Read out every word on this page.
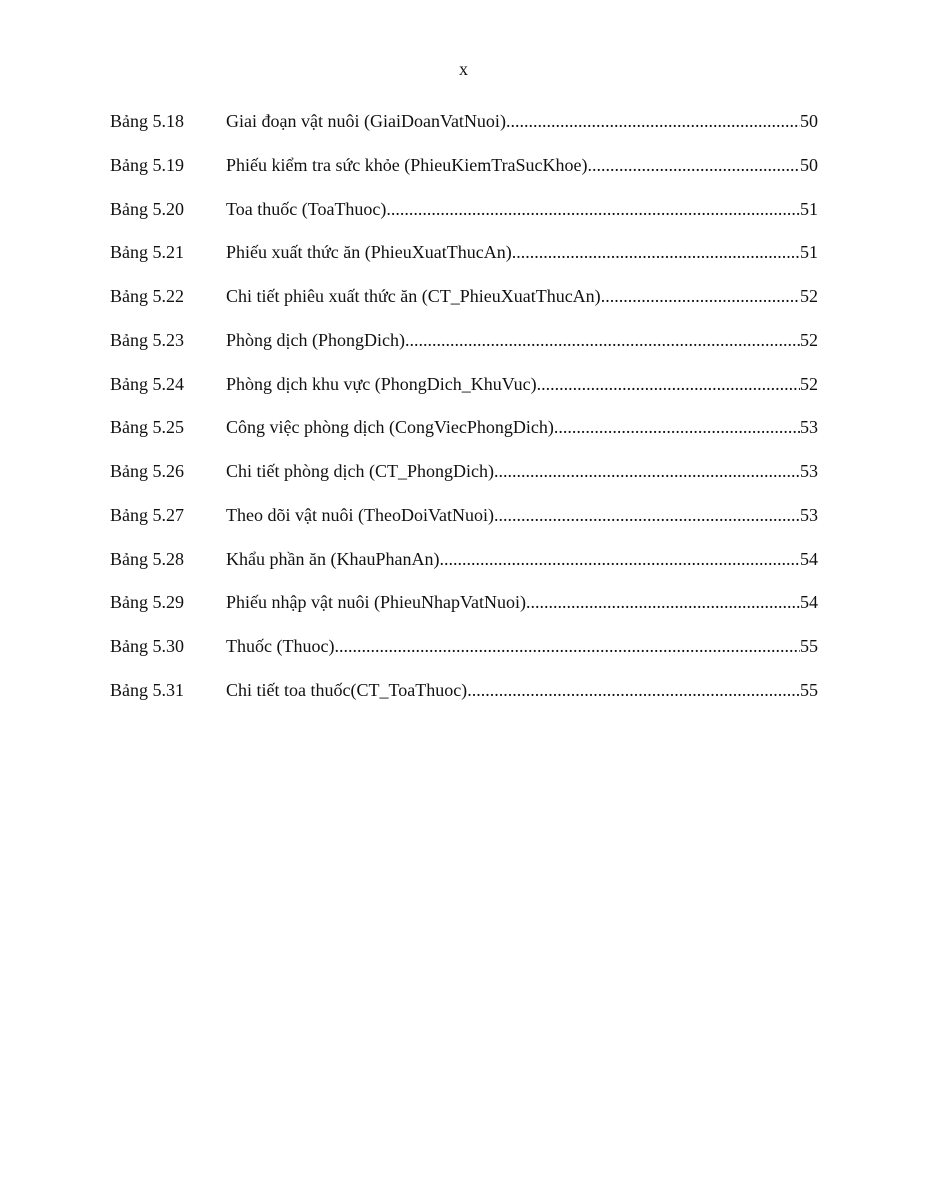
x
Bảng 5.18	Giai đoạn vật nuôi (GiaiDoanVatNuoi) .....	50
Bảng 5.19	Phiếu kiểm tra sức khỏe (PhieuKiemTraSucKhoe) .....	50
Bảng 5.20	Toa thuốc (ToaThuoc) .....	51
Bảng 5.21	Phiếu xuất thức ăn (PhieuXuatThucAn) .....	51
Bảng 5.22	Chi tiết phiêu xuất thức ăn (CT_PhieuXuatThucAn) .....	52
Bảng 5.23	Phòng dịch (PhongDich) .....	52
Bảng 5.24	Phòng dịch khu vực (PhongDich_KhuVuc) .....	52
Bảng 5.25	Công việc phòng dịch (CongViecPhongDich) .....	53
Bảng 5.26	Chi tiết phòng dịch (CT_PhongDich) .....	53
Bảng 5.27	Theo dõi vật nuôi (TheoDoiVatNuoi) .....	53
Bảng 5.28	Khẩu phần ăn (KhauPhanAn) .....	54
Bảng 5.29	Phiếu nhập vật nuôi (PhieuNhapVatNuoi) .....	54
Bảng 5.30	Thuốc (Thuoc) .....	55
Bảng 5.31	Chi tiết toa thuốc(CT_ToaThuoc) .....	55
